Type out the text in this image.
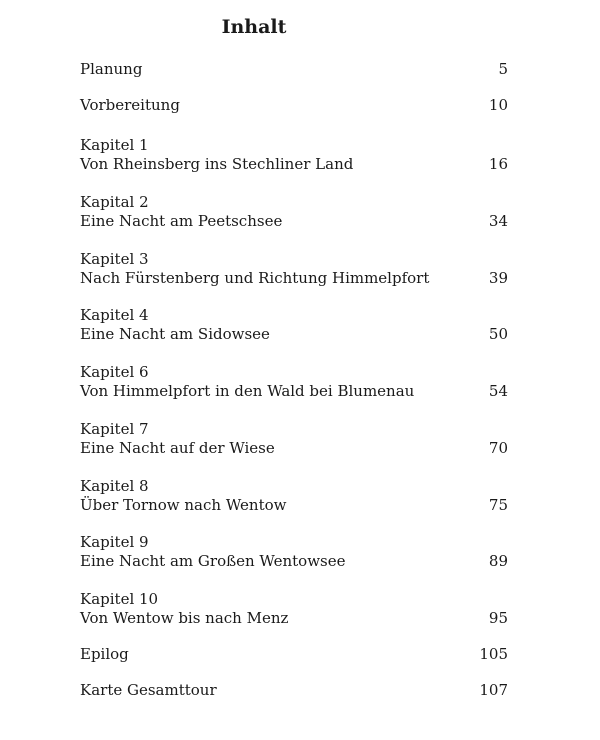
Inhalt
Planung	5
Vorbereitung	10
Kapitel 1
Von Rheinsberg ins Stechliner Land	16
Kapital 2
Eine Nacht am Peetschsee	34
Kapitel 3
Nach Fürstenberg und Richtung Himmelpfort	39
Kapitel 4
Eine Nacht am Sidowsee	50
Kapitel 6
Von Himmelpfort in den Wald bei Blumenau	54
Kapitel 7
Eine Nacht auf der Wiese	70
Kapitel 8
Über Tornow nach Wentow	75
Kapitel 9
Eine Nacht am Großen Wentowsee	89
Kapitel 10
Von Wentow bis nach Menz	95
Epilog	105
Karte Gesamttour	107
